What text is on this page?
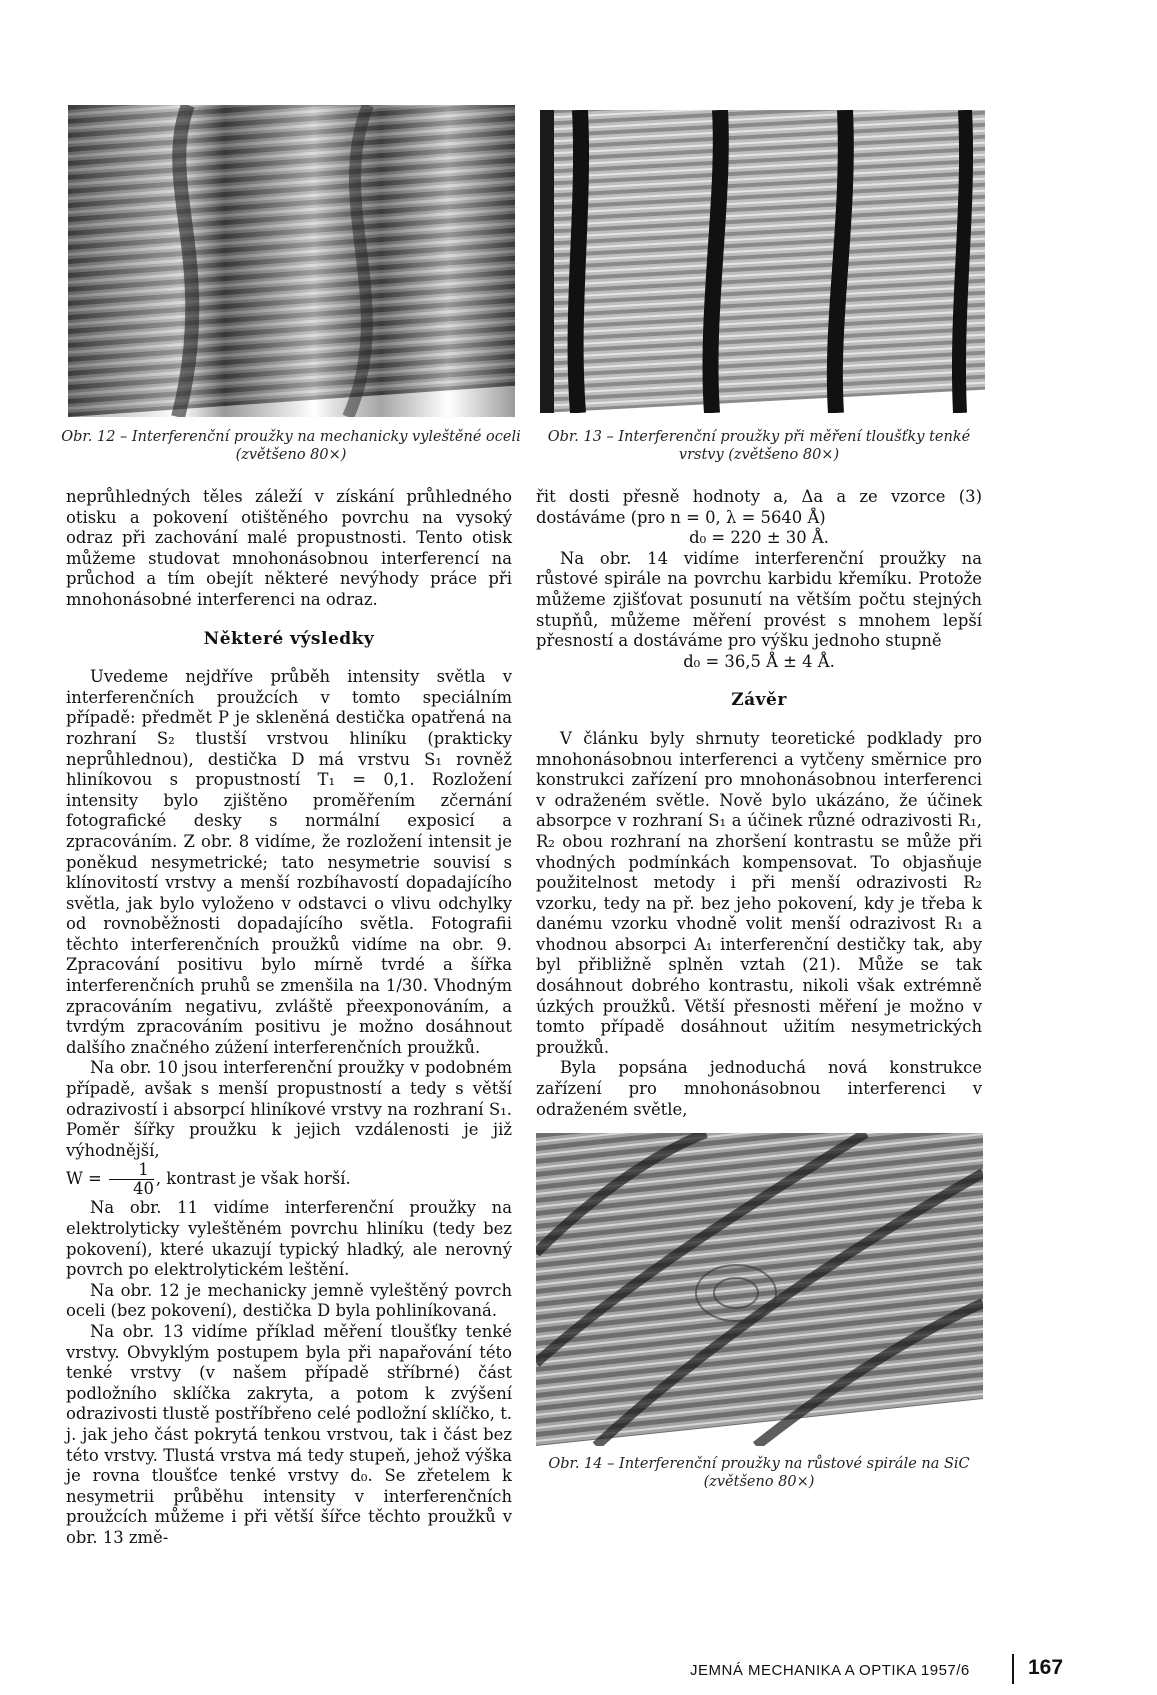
Obr. 12 – Interferenční proužky na mechanicky vyleštěné oceli
(zvětšeno 80×)
Obr. 13 – Interferenční proužky při měření tloušťky tenké
vrstvy (zvětšeno 80×)

neprůhledných těles záleží v získání průhledného otisku a pokovení otištěného povrchu na vysoký odraz při zachování malé propustnosti. Tento otisk můžeme studovat mnohonásobnou interferencí na průchod a tím obejít některé nevýhody práce při mnohonásobné interferenci na odraz.

Některé výsledky

Uvedeme nejdříve průběh intensity světla v interferenčních proužcích v tomto speciálním případě: předmět P je skleněná destička opatřená na rozhraní S₂ tlustší vrstvou hliníku (prakticky neprůhlednou), destička D má vrstvu S₁ rovněž hliníkovou s propustností T₁ = 0,1. Rozložení intensity bylo zjištěno proměřením zčernání fotografické desky s normální exposicí a zpracováním. Z obr. 8 vidíme, že rozložení intensit je poněkud nesymetrické; tato nesymetrie souvisí s klínovitostí vrstvy a menší rozbíhavostí dopadajícího světla, jak bylo vyloženo v odstavci o vlivu odchylky od rovnoběžnosti dopadajícího světla. Fotografii těchto interferenčních proužků vidíme na obr. 9. Zpracování positivu bylo mírně tvrdé a šířka interferenčních pruhů se zmenšila na 1/30. Vhodným zpracováním negativu, zvláště přeexponováním, a tvrdým zpracováním positivu je možno dosáhnout dalšího značného zúžení interferenčních proužků.

Na obr. 10 jsou interferenční proužky v podobném případě, avšak s menší propustností a tedy s větší odrazivostí i absorpcí hliníkové vrstvy na rozhraní S₁. Poměr šířky proužku k jejich vzdálenosti je již výhodnější,
$W = \frac{1}{40}$ , kontrast je však horší.

Na obr. 11 vidíme interferenční proužky na elektrolyticky vyleštěném povrchu hliníku (tedy bez pokovení), které ukazují typický hladký, ale nerovný povrch po elektrolytickém leštění.

Na obr. 12 je mechanicky jemně vyleštěný povrch oceli (bez pokovení), destička D byla pohliníkovaná.

Na obr. 13 vidíme příklad měření tloušťky tenké vrstvy. Obvyklým postupem byla při napařování této tenké vrstvy (v našem případě stříbrné) část podložního sklíčka zakryta, a potom k zvýšení odrazivosti tlustě postříbřeno celé podložní sklíčko, t. j. jak jeho část pokrytá tenkou vrstvou, tak i část bez této vrstvy. Tlustá vrstva má tedy stupeň, jehož výška je rovna tloušťce tenké vrstvy d₀. Se zřetelem k nesymetrii průběhu intensity v interferenčních proužcích můžeme i při větší šířce těchto proužků v obr. 13 změ-

řit dosti přesně hodnoty a, Δa a ze vzorce (3) dostáváme (pro n = 0, λ = 5640 Å)

d₀ = 220 ± 30 Å.

Na obr. 14 vidíme interferenční proužky na růstové spirále na povrchu karbidu křemíku. Protože můžeme zjišťovat posunutí na větším počtu stejných stupňů, můžeme měření provést s mnohem lepší přesností a dostáváme pro výšku jednoho stupně

d₀ = 36,5 Å ± 4 Å.

Závěr

V článku byly shrnuty teoretické podklady pro mnohonásobnou interferenci a vytčeny směrnice pro konstrukci zařízení pro mnohonásobnou interferenci v odraženém světle. Nově bylo ukázáno, že účinek absorpce v rozhraní S₁ a účinek různé odrazivosti R₁, R₂ obou rozhraní na zhoršení kontrastu se může při vhodných podmínkách kompensovat. To objasňuje použitelnost metody i při menší odrazivosti R₂ vzorku, tedy na př. bez jeho pokovení, kdy je třeba k danému vzorku vhodně volit menší odrazivost R₁ a vhodnou absorpci A₁ interferenční destičky tak, aby byl přibližně splněn vztah (21). Může se tak dosáhnout dobrého kontrastu, nikoli však extrémně úzkých proužků. Větší přesnosti měření je možno v tomto případě dosáhnout užitím nesymetrických proužků.

Byla popsána jednoduchá nová konstrukce zařízení pro mnohonásobnou interferenci v odraženém světle,

Obr. 14 – Interferenční proužky na růstové spirále na SiC
(zvětšeno 80×)
JEMNÁ MECHANIKA A OPTIKA 1957/6	167
